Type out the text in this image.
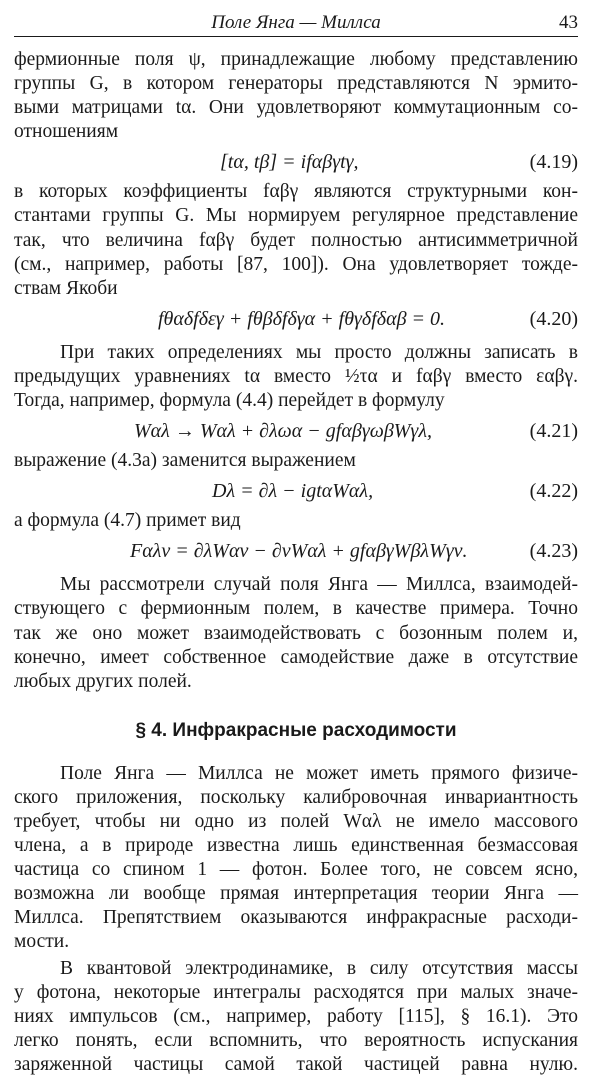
Поле Янга — Миллса	43

фермионные поля ψ, принадлежащие любому представлению
группы G, в котором генераторы представляются N эрмито-
выми матрицами tα. Они удовлетворяют коммутационным со-
отношениям

[tα, tβ] = ifαβγtγ,	(4.19)

в которых коэффициенты fαβγ являются структурными кон-
стантами группы G. Мы нормируем регулярное представление
так, что величина fαβγ будет полностью антисимметричной
(см., например, работы [87, 100]). Она удовлетворяет тожде-
ствам Якоби

fθαδfδεγ + fθβδfδγα + fθγδfδαβ = 0.	(4.20)

При таких определениях мы просто должны записать в
предыдущих уравнениях tα вместо ½τα и fαβγ вместо εαβγ.
Тогда, например, формула (4.4) перейдет в формулу

Wαλ → Wαλ + ∂λωα − gfαβγωβWγλ,	(4.21)

выражение (4.3а) заменится выражением

Dλ = ∂λ − igtαWαλ,	(4.22)

а формула (4.7) примет вид

Fαλν = ∂λWαν − ∂νWαλ + gfαβγWβλWγν.	(4.23)

Мы рассмотрели случай поля Янга — Миллса, взаимодей-
ствующего с фермионным полем, в качестве примера. Точно
так же оно может взаимодействовать с бозонным полем и,
конечно, имеет собственное самодействие даже в отсутствие
любых других полей.

§ 4. Инфракрасные расходимости

Поле Янга — Миллса не может иметь прямого физиче-
ского приложения, поскольку калибровочная инвариантность
требует, чтобы ни одно из полей Wαλ не имело массового
члена, а в природе известна лишь единственная безмассовая
частица со спином 1 — фотон. Более того, не совсем ясно,
возможна ли вообще прямая интерпретация теории Янга —
Миллса. Препятствием оказываются инфракрасные расходи-
мости.

В квантовой электродинамике, в силу отсутствия массы
у фотона, некоторые интегралы расходятся при малых значе-
ниях импульсов (см., например, работу [115], § 16.1). Это
легко понять, если вспомнить, что вероятность испускания
заряженной частицы самой такой частицей равна нулю.
